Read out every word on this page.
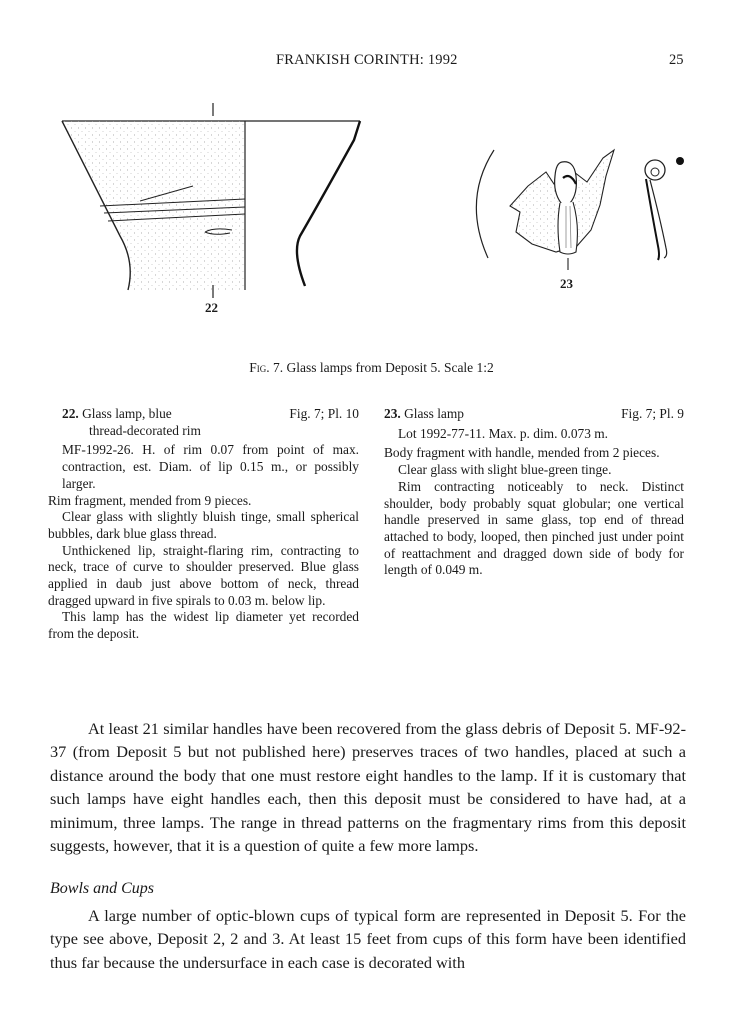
FRANKISH CORINTH: 1992	25
22
23
Fig. 7. Glass lamps from Deposit 5. Scale 1:2
22. Glass lamp, blue	Fig. 7; Pl. 10

thread-decorated rim

MF-1992-26. H. of rim 0.07 from point of max. contraction, est. Diam. of lip 0.15 m., or possibly larger.

Rim fragment, mended from 9 pieces.

Clear glass with slightly bluish tinge, small spherical bubbles, dark blue glass thread.

Unthickened lip, straight-flaring rim, contracting to neck, trace of curve to shoulder preserved. Blue glass applied in daub just above bottom of neck, thread dragged upward in five spirals to 0.03 m. below lip.

This lamp has the widest lip diameter yet recorded from the deposit.

23. Glass lamp	Fig. 7; Pl. 9

Lot 1992-77-11. Max. p. dim. 0.073 m.

Body fragment with handle, mended from 2 pieces.

Clear glass with slight blue-green tinge.

Rim contracting noticeably to neck. Distinct shoulder, body probably squat globular; one vertical handle preserved in same glass, top end of thread attached to body, looped, then pinched just under point of reattachment and dragged down side of body for length of 0.049 m.

At least 21 similar handles have been recovered from the glass debris of Deposit 5. MF-92-37 (from Deposit 5 but not published here) preserves traces of two handles, placed at such a distance around the body that one must restore eight handles to the lamp. If it is customary that such lamps have eight handles each, then this deposit must be considered to have had, at a minimum, three lamps. The range in thread patterns on the fragmentary rims from this deposit suggests, however, that it is a question of quite a few more lamps.

Bowls and Cups

A large number of optic-blown cups of typical form are represented in Deposit 5. For the type see above, Deposit 2, 2 and 3. At least 15 feet from cups of this form have been identified thus far because the undersurface in each case is decorated with
